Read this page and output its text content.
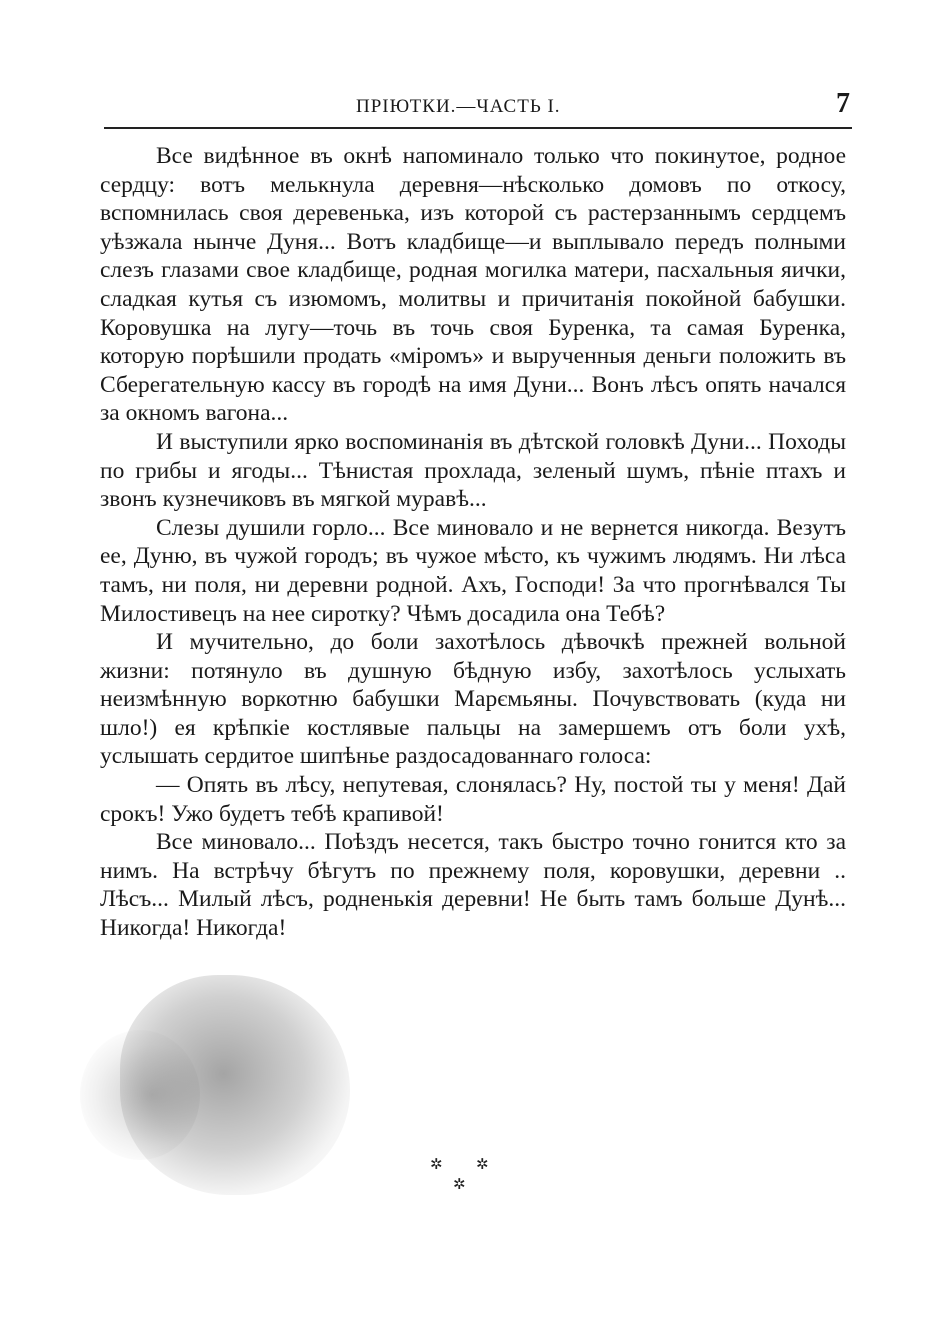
ПРІЮТКИ.—ЧАСТЬ I.	7

Все видѣнное въ окнѣ напоминало только что покинутое, родное сердцу: вотъ мелькнула деревня—нѣсколько домовъ по откосу, вспомнилась своя деревенька, изъ которой съ растерзаннымъ сердцемъ уѣзжала нынче Дуня... Вотъ кладбище—и выплывало передъ полными слезъ глазами свое кладбище, родная могилка матери, пасхальныя яички, сладкая кутья съ изюмомъ, молитвы и причитанія покойной бабушки. Коровушка на лугу—точь въ точь своя Буренка, та самая Буренка, которую порѣшили продать «міромъ» и вырученныя деньги положить въ Сберегательную кассу въ городѣ на имя Дуни... Вонъ лѣсъ опять начался за окномъ вагона...

И выступили ярко воспоминанія въ дѣтской головкѣ Дуни... Походы по грибы и ягоды... Тѣнистая прохлада, зеленый шумъ, пѣніе птахъ и звонъ кузнечиковъ въ мягкой муравѣ...

Слезы душили горло... Все миновало и не вернется никогда. Везутъ ее, Дуню, въ чужой городъ; въ чужое мѣсто, къ чужимъ людямъ. Ни лѣса тамъ, ни поля, ни деревни родной. Ахъ, Господи! За что прогнѣвался Ты Милостивецъ на нее сиротку? Чѣмъ досадила она Тебѣ?

И мучительно, до боли захотѣлось дѣвочкѣ прежней вольной жизни: потянуло въ душную бѣдную избу, захотѣлось услыхать неизмѣнную воркотню бабушки Марємьяны. Почувствовать (куда ни шло!) ея крѣпкіе костлявые пальцы на замершемъ отъ боли ухѣ, услышать сердитое шипѣнье раздосадованнаго голоса:

— Опять въ лѣсу, непутевая, слонялась? Ну, постой ты у меня! Дай срокъ! Ужо будетъ тебѣ крапивой!

Все миновало... Поѣздъ несется, такъ быстро точно гонится кто за нимъ. На встрѣчу бѣгутъ по прежнему поля, коровушки, деревни .. Лѣсъ... Милый лѣсъ, родненькія деревни! Не быть тамъ больше Дунѣ... Никогда! Никогда!

✲ ✲
✲
